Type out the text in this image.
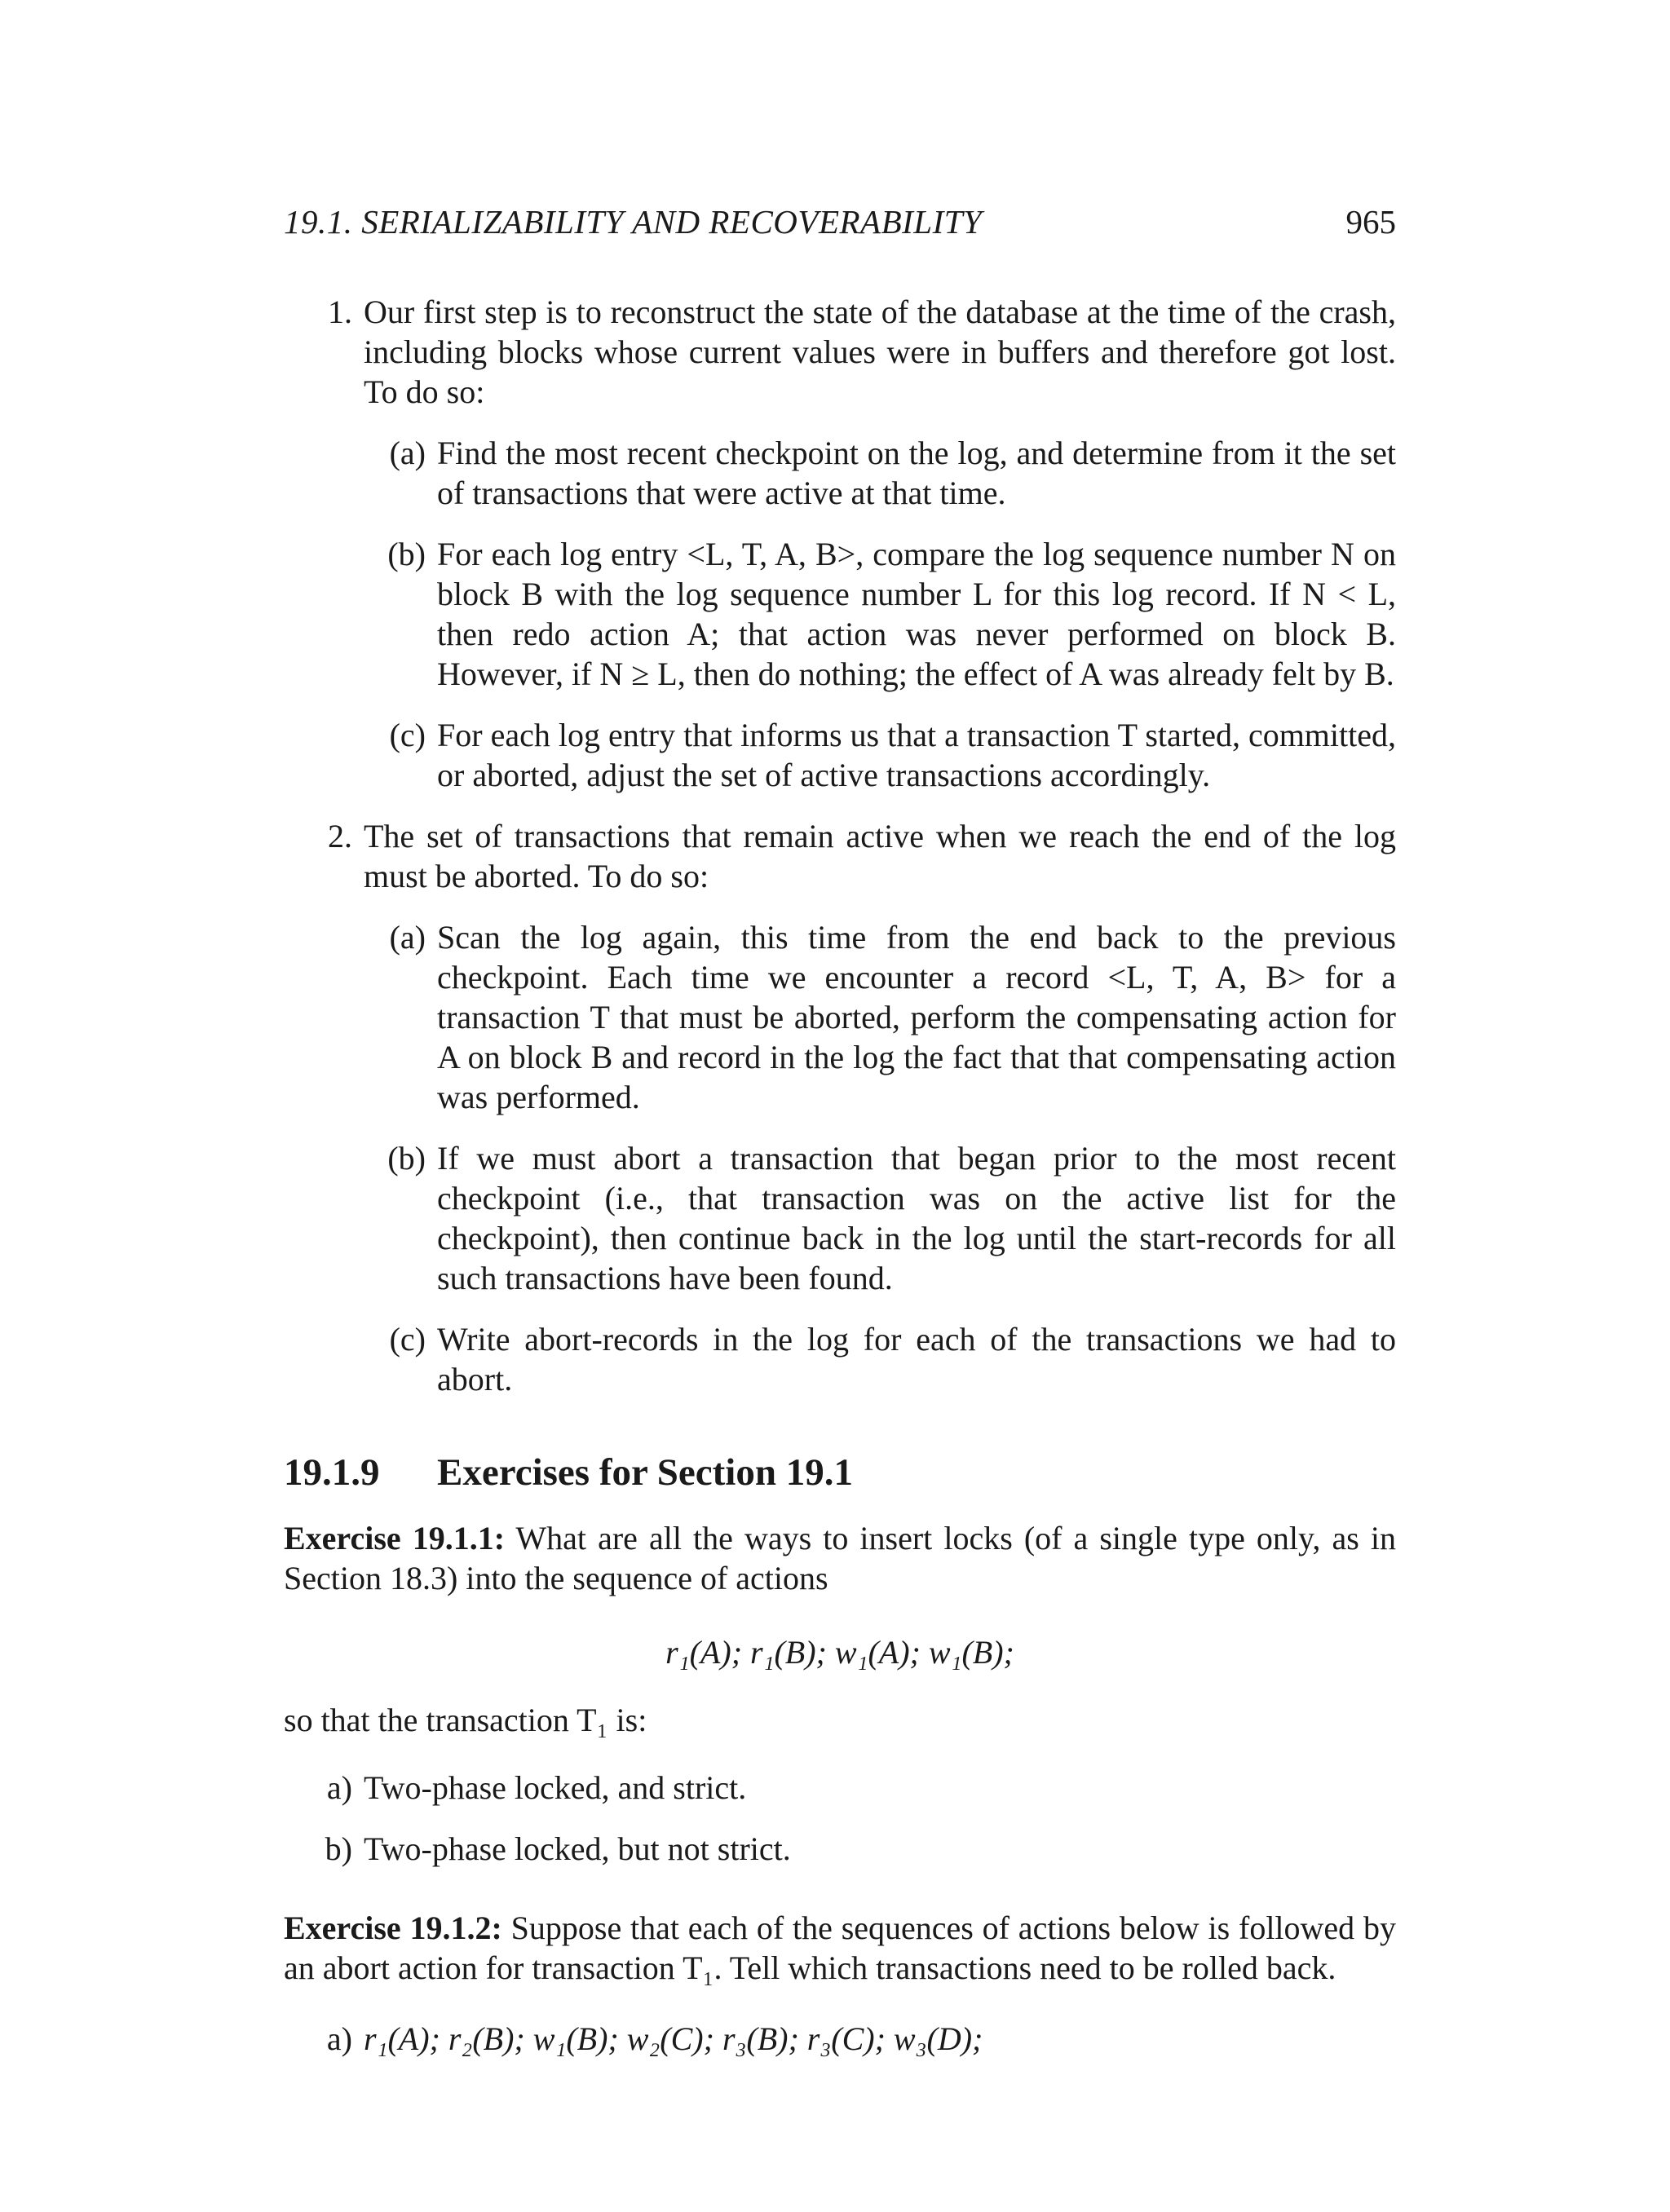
19.1. SERIALIZABILITY AND RECOVERABILITY	965
1. Our first step is to reconstruct the state of the database at the time of the crash, including blocks whose current values were in buffers and therefore got lost. To do so:
(a) Find the most recent checkpoint on the log, and determine from it the set of transactions that were active at that time.
(b) For each log entry <L, T, A, B>, compare the log sequence number N on block B with the log sequence number L for this log record. If N < L, then redo action A; that action was never performed on block B. However, if N ≥ L, then do nothing; the effect of A was already felt by B.
(c) For each log entry that informs us that a transaction T started, committed, or aborted, adjust the set of active transactions accordingly.
2. The set of transactions that remain active when we reach the end of the log must be aborted. To do so:
(a) Scan the log again, this time from the end back to the previous checkpoint. Each time we encounter a record <L, T, A, B> for a transaction T that must be aborted, perform the compensating action for A on block B and record in the log the fact that that compensating action was performed.
(b) If we must abort a transaction that began prior to the most recent checkpoint (i.e., that transaction was on the active list for the checkpoint), then continue back in the log until the start-records for all such transactions have been found.
(c) Write abort-records in the log for each of the transactions we had to abort.
19.1.9	Exercises for Section 19.1
Exercise 19.1.1: What are all the ways to insert locks (of a single type only, as in Section 18.3) into the sequence of actions
r₁(A); r₁(B); w₁(A); w₁(B);
so that the transaction T₁ is:
a) Two-phase locked, and strict.
b) Two-phase locked, but not strict.
Exercise 19.1.2: Suppose that each of the sequences of actions below is followed by an abort action for transaction T₁. Tell which transactions need to be rolled back.
a) r₁(A); r₂(B); w₁(B); w₂(C); r₃(B); r₃(C); w₃(D);
